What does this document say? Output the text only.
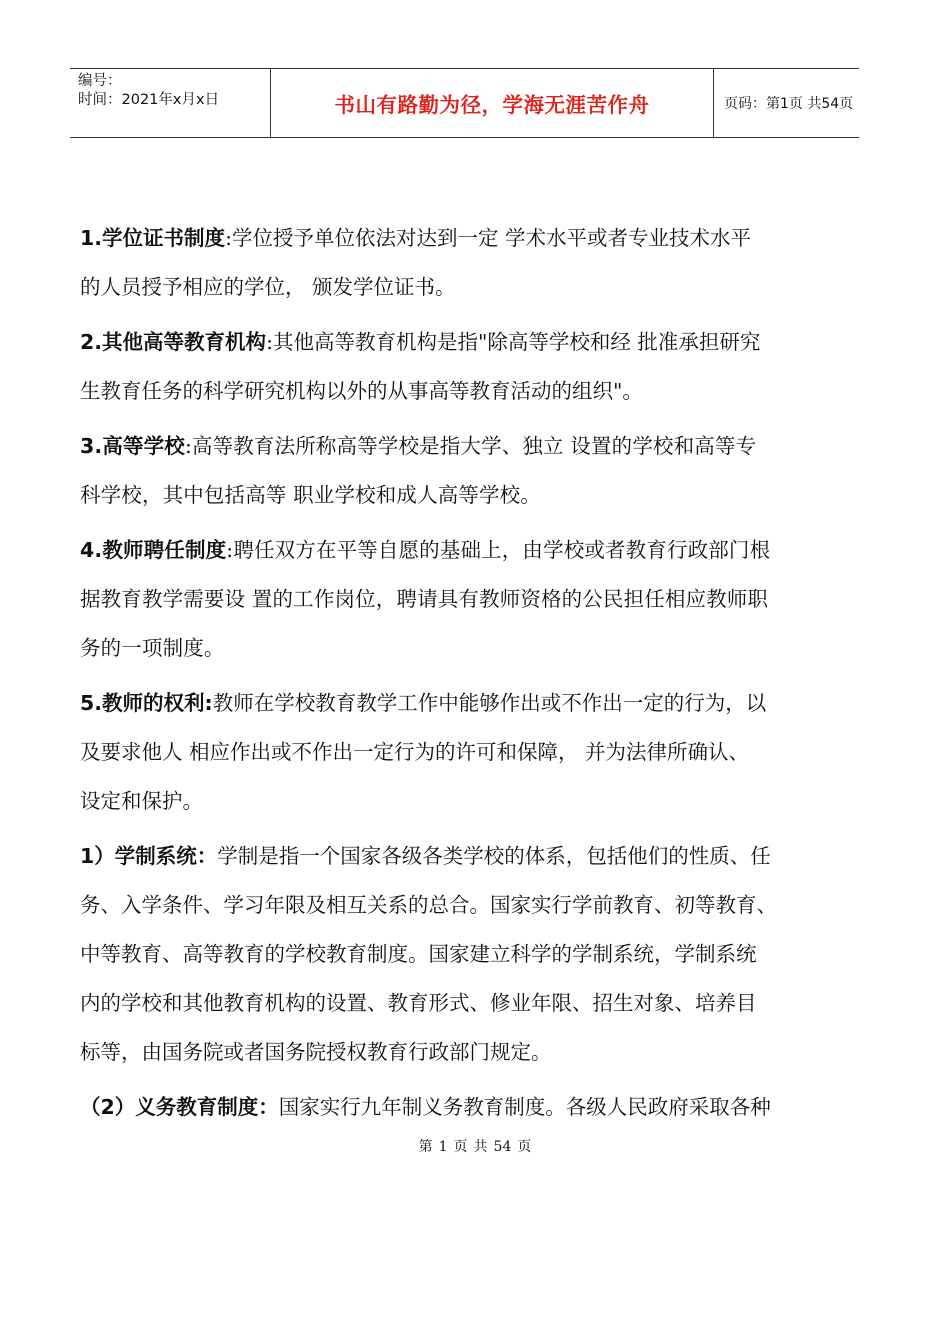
编号：
时间：2021年x月x日	书山有路勤为径，学海无涯苦作舟	页码：第1页 共54页
1.学位证书制度:学位授予单位依法对达到一定 学术水平或者专业技术水平
的人员授予相应的学位， 颁发学位证书。
2.其他高等教育机构:其他高等教育机构是指"除高等学校和经 批准承担研究
生教育任务的科学研究机构以外的从事高等教育活动的组织"。
3.高等学校:高等教育法所称高等学校是指大学、独立 设置的学校和高等专
科学校，其中包括高等 职业学校和成人高等学校。
4.教师聘任制度:聘任双方在平等自愿的基础上，由学校或者教育行政部门根
据教育教学需要设 置的工作岗位，聘请具有教师资格的公民担任相应教师职
务的一项制度。
5.教师的权利:教师在学校教育教学工作中能够作出或不作出一定的行为，以
及要求他人 相应作出或不作出一定行为的许可和保障， 并为法律所确认、
设定和保护。
1）学制系统：学制是指一个国家各级各类学校的体系，包括他们的性质、任
务、入学条件、学习年限及相互关系的总合。国家实行学前教育、初等教育、
中等教育、高等教育的学校教育制度。国家建立科学的学制系统，学制系统
内的学校和其他教育机构的设置、教育形式、修业年限、招生对象、培养目
标等，由国务院或者国务院授权教育行政部门规定。
（2）义务教育制度：国家实行九年制义务教育制度。各级人民政府采取各种
第 1 页 共 54 页
